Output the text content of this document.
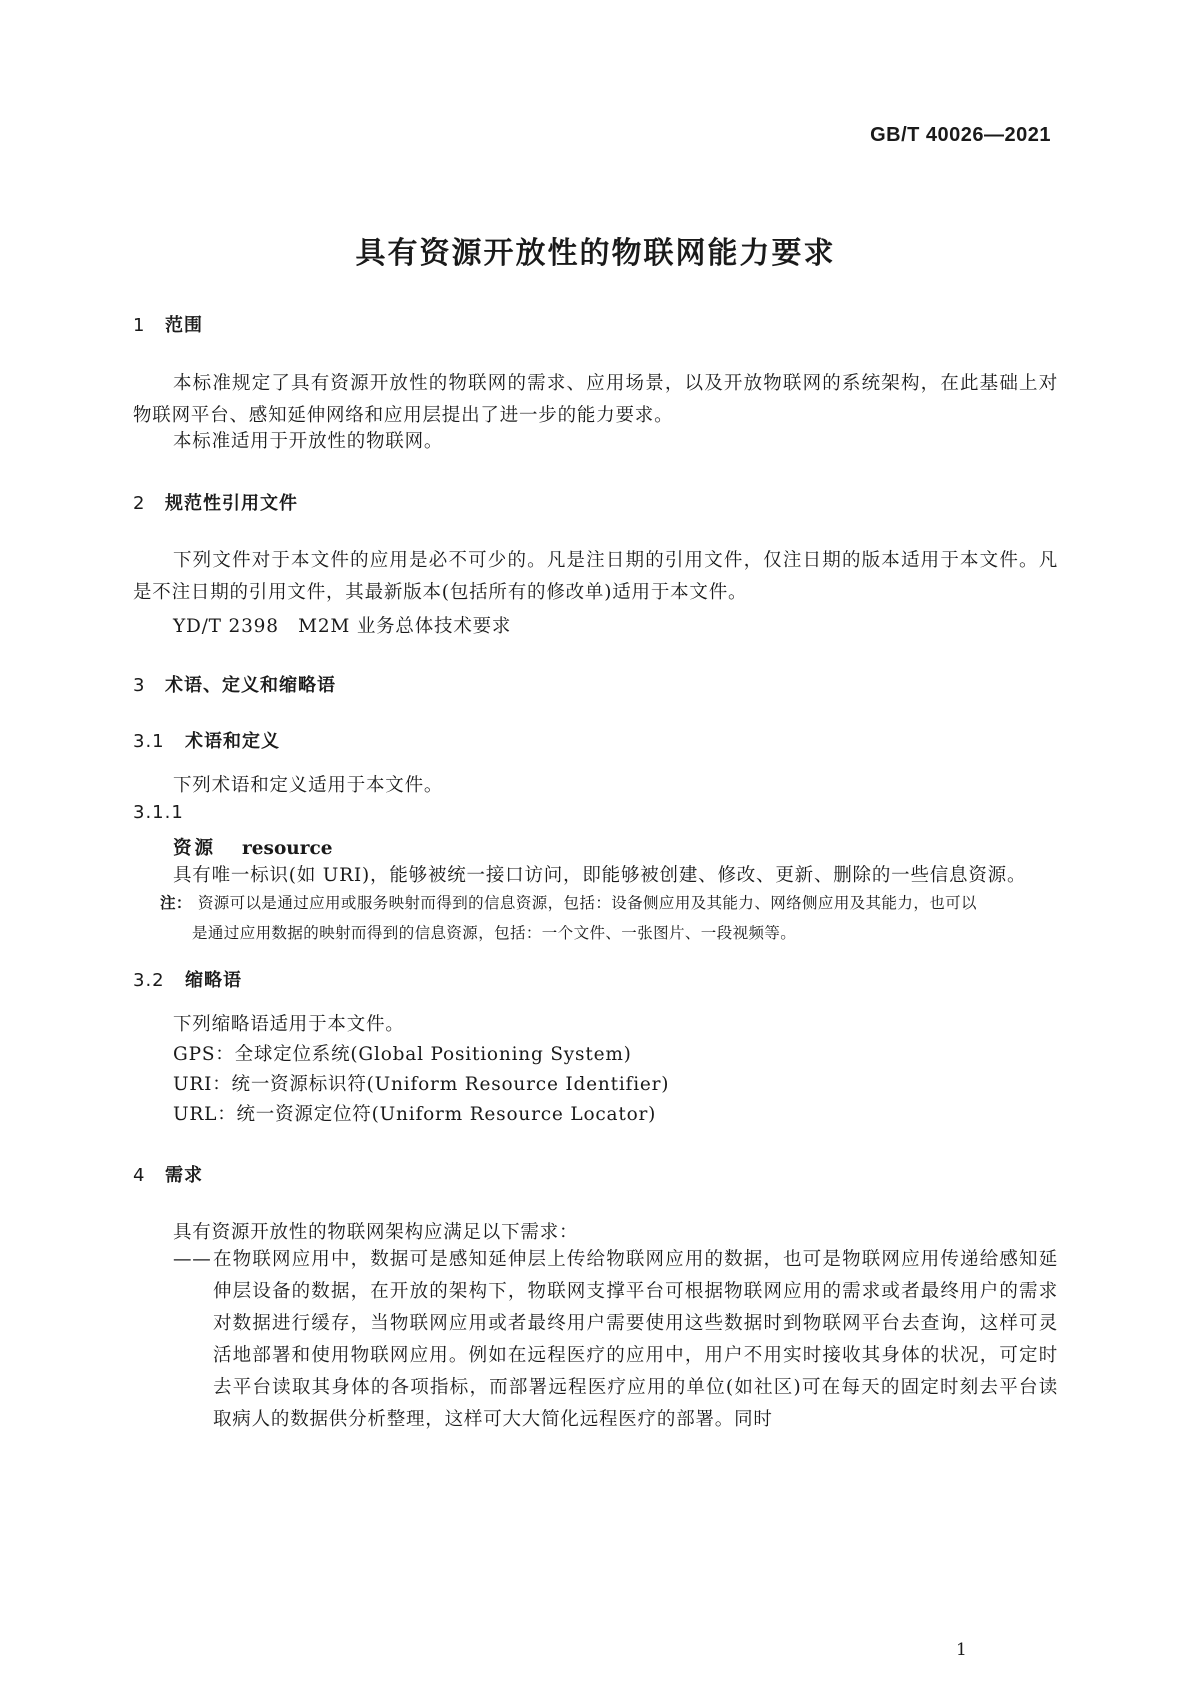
GB/T 40026—2021
具有资源开放性的物联网能力要求
1 范围
本标准规定了具有资源开放性的物联网的需求、应用场景，以及开放物联网的系统架构，在此基础上对物联网平台、感知延伸网络和应用层提出了进一步的能力要求。
本标准适用于开放性的物联网。
2 规范性引用文件
下列文件对于本文件的应用是必不可少的。凡是注日期的引用文件，仅注日期的版本适用于本文件。凡是不注日期的引用文件，其最新版本(包括所有的修改单)适用于本文件。
YD/T 2398　M2M 业务总体技术要求
3 术语、定义和缩略语
3.1 术语和定义
下列术语和定义适用于本文件。
3.1.1
资源 resource
具有唯一标识(如 URI)，能够被统一接口访问，即能够被创建、修改、更新、删除的一些信息资源。
注： 资源可以是通过应用或服务映射而得到的信息资源，包括：设备侧应用及其能力、网络侧应用及其能力，也可以
是通过应用数据的映射而得到的信息资源，包括：一个文件、一张图片、一段视频等。
3.2 缩略语
下列缩略语适用于本文件。
GPS：全球定位系统(Global Positioning System)
URI：统一资源标识符(Uniform Resource Identifier)
URL：统一资源定位符(Uniform Resource Locator)
4 需求
具有资源开放性的物联网架构应满足以下需求：
—— 在物联网应用中，数据可是感知延伸层上传给物联网应用的数据，也可是物联网应用传递给感知延伸层设备的数据，在开放的架构下，物联网支撑平台可根据物联网应用的需求或者最终用户的需求对数据进行缓存，当物联网应用或者最终用户需要使用这些数据时到物联网平台去查询，这样可灵活地部署和使用物联网应用。例如在远程医疗的应用中，用户不用实时接收其身体的状况，可定时去平台读取其身体的各项指标，而部署远程医疗应用的单位(如社区)可在每天的固定时刻去平台读取病人的数据供分析整理，这样可大大简化远程医疗的部署。同时
1
